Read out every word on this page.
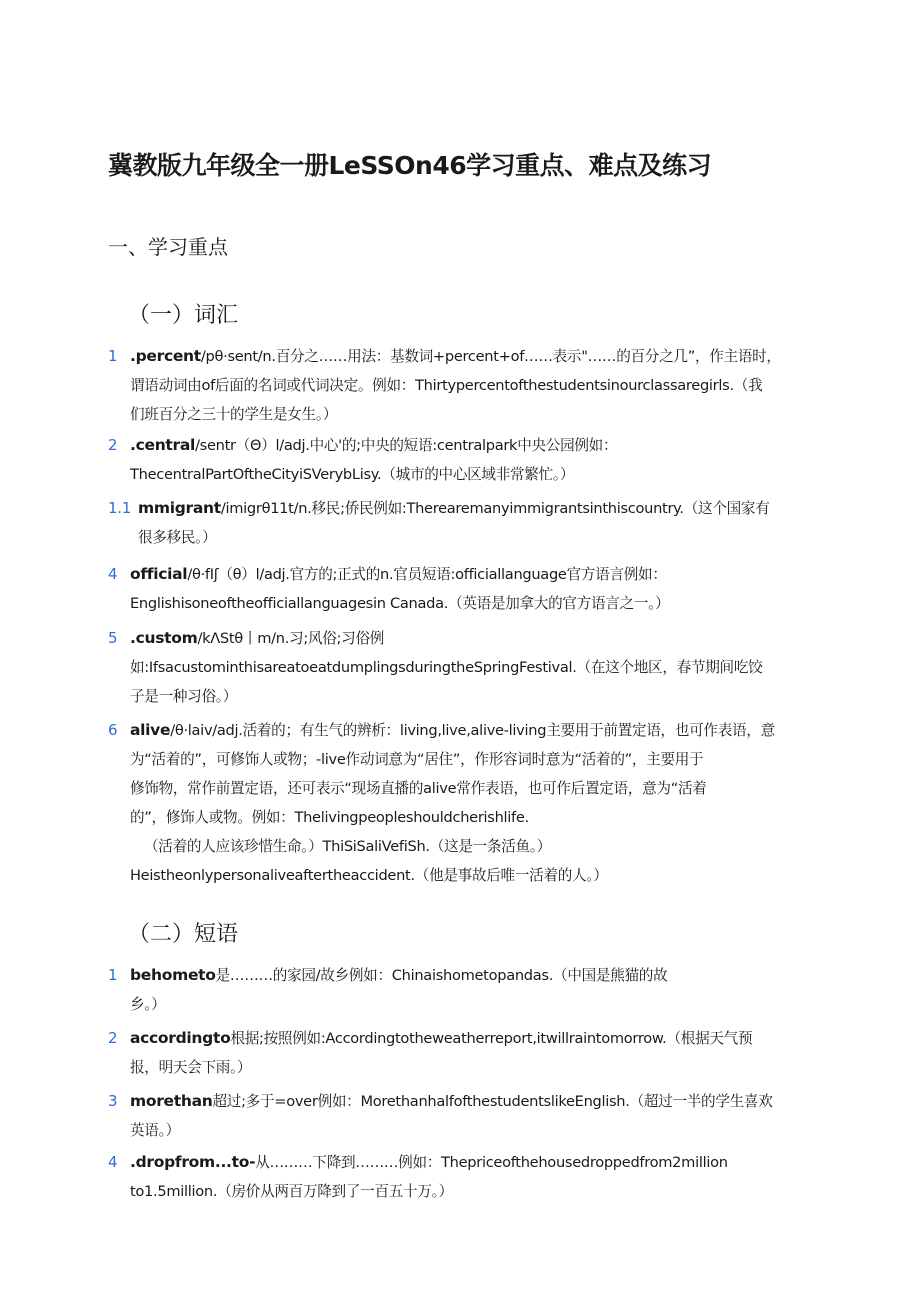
冀教版九年级全一册LeSSOn46学习重点、难点及练习
一、学习重点
（一）词汇
1 .percent/pθ·sent/n.百分之……用法：基数词+percent+of……表示"……的百分之几”，作主语时，
谓语动词由of后面的名词或代词决定。例如：Thirtypercentofthestudentsinourclassaregirls.（我
们班百分之三十的学生是女生。）
2 .central/sentr（Θ）l/adj.中心'的;中央的短语:centralpark中央公园例如：
ThecentralPartOftheCityiSVerybLisy.（城市的中心区域非常繁忙。）
1.1 mmigrant/imigrθ11t/n.移民;侨民例如:Therearemanyimmigrantsinthiscountry.（这个国家有
很多移民。）
4 official/θ·fIʃ（θ）l/adj.官方的;正式的n.官员短语:officiallanguage官方语言例如：
Englishisoneoftheofficiallanguagesin Canada.（英语是加拿大的官方语言之一。）
5 .custom/kΛStθ丨m/n.习;风俗;习俗例
如:IfsacustominthisareatoeatdumplingsduringtheSpringFestival.（在这个地区，春节期间吃饺
子是一种习俗。）
6 alive/θ·laiv/adj.活着的；有生气的辨析：living,live,alive-living主要用于前置定语，也可作表语，意
为“活着的”，可修饰人或物；-live作动词意为“居住”，作形容词时意为“活着的”，主要用于
修饰物，常作前置定语，还可表示“现场直播的alive常作表语，也可作后置定语，意为“活着
的”，修饰人或物。例如：Thelivingpeopleshouldcherishlife.
（活着的人应该珍惜生命。）ThiSiSaliVefiSh.（这是一条活鱼。）
Heistheonlypersonaliveaftertheaccident.（他是事故后唯一活着的人。）
（二）短语
1 behometo是………的家园/故乡例如：Chinaishometopandas.（中国是熊猫的故
乡。）
2 accordingto根据;按照例如:Accordingtotheweatherreport,itwillraintomorrow.（根据天气预
报，明天会下雨。）
3 morethan超过;多于=over例如：MorethanhalfofthestudentslikeEnglish.（超过一半的学生喜欢
英语。）
4 .dropfrom...to-从………下降到………例如：Thepriceofthehousedroppedfrom2million
to1.5million.（房价从两百万降到了一百五十万。）
